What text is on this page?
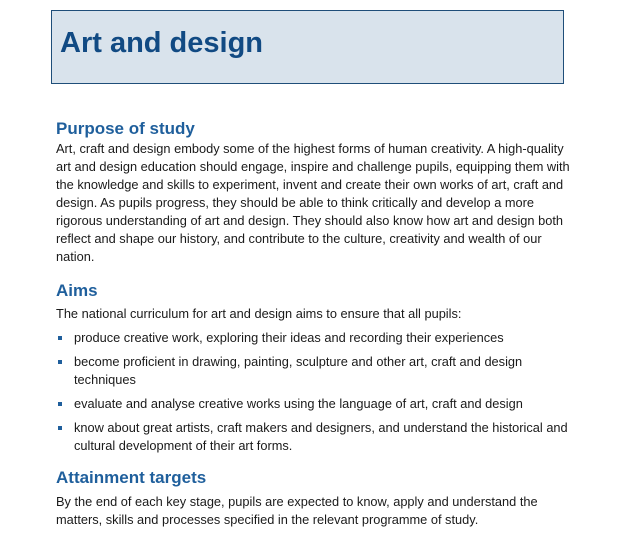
Art and design
Purpose of study

Art, craft and design embody some of the highest forms of human creativity. A high-quality art and design education should engage, inspire and challenge pupils, equipping them with the knowledge and skills to experiment, invent and create their own works of art, craft and design. As pupils progress, they should be able to think critically and develop a more rigorous understanding of art and design. They should also know how art and design both reflect and shape our history, and contribute to the culture, creativity and wealth of our nation.

Aims

The national curriculum for art and design aims to ensure that all pupils:

produce creative work, exploring their ideas and recording their experiences
become proficient in drawing, painting, sculpture and other art, craft and design techniques
evaluate and analyse creative works using the language of art, craft and design
know about great artists, craft makers and designers, and understand the historical and cultural development of their art forms.
Attainment targets

By the end of each key stage, pupils are expected to know, apply and understand the matters, skills and processes specified in the relevant programme of study.
